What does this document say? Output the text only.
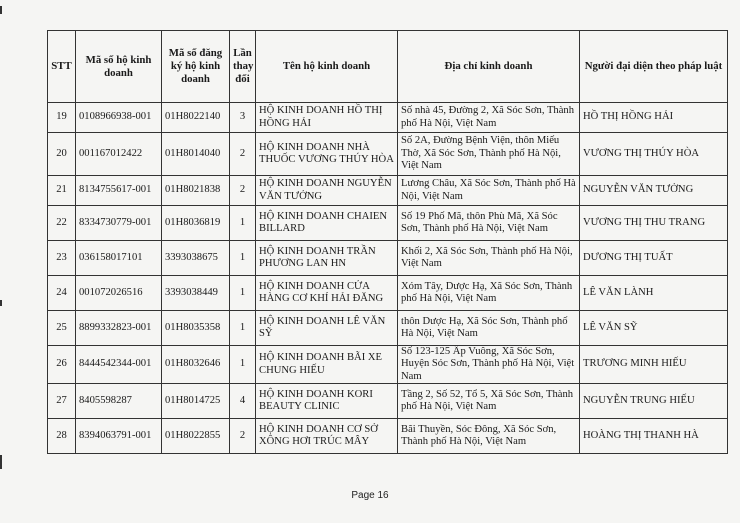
STT	Mã số hộ kinh doanh	Mã số đăng ký hộ kinh doanh	Lần thay đổi	Tên hộ kinh doanh	Địa chỉ kinh doanh	Người đại diện theo pháp luật
19	0108966938-001	01H8022140	3	HỘ KINH DOANH HỒ THỊ HỒNG HẢI	Số nhà 45, Đường 2, Xã Sóc Sơn, Thành phố Hà Nội, Việt Nam	HỒ THỊ HỒNG HẢI
20	001167012422	01H8014040	2	HỘ KINH DOANH NHÀ THUỐC VƯƠNG THÚY HÒA	Số 2A, Đường Bệnh Viện, thôn Miếu Thờ, Xã Sóc Sơn, Thành phố Hà Nội, Việt Nam	VƯƠNG THỊ THÚY HÒA
21	8134755617-001	01H8021838	2	HỘ KINH DOANH NGUYỄN VĂN TƯỞNG	Lương Châu, Xã Sóc Sơn, Thành phố Hà Nội, Việt Nam	NGUYỄN VĂN TƯỞNG
22	8334730779-001	01H8036819	1	HỘ KINH DOANH CHAIEN BILLARD	Số 19 Phố Mã, thôn Phù Mã, Xã Sóc Sơn, Thành phố Hà Nội, Việt Nam	VƯƠNG THỊ THU TRANG
23	036158017101	3393038675	1	HỘ KINH DOANH TRẦN PHƯƠNG LAN HN	Khối 2, Xã Sóc Sơn, Thành phố Hà Nội, Việt Nam	DƯƠNG THỊ TUẤT
24	001072026516	3393038449	1	HỘ KINH DOANH CỬA HÀNG CƠ KHÍ HẢI ĐĂNG	Xóm Tây, Dược Hạ, Xã Sóc Sơn, Thành phố Hà Nội, Việt Nam	LÊ VĂN LÀNH
25	8899332823-001	01H8035358	1	HỘ KINH DOANH LÊ VĂN SỸ	thôn Dược Hạ, Xã Sóc Sơn, Thành phố Hà Nội, Việt Nam	LÊ VĂN SỸ
26	8444542344-001	01H8032646	1	HỘ KINH DOANH BÃI XE CHUNG HIẾU	Số 123-125 Ấp Vuông, Xã Sóc Sơn, Huyện Sóc Sơn, Thành phố Hà Nội, Việt Nam	TRƯƠNG MINH HIẾU
27	8405598287	01H8014725	4	HỘ KINH DOANH KORI BEAUTY CLINIC	Tầng 2, Số 52, Tổ 5, Xã Sóc Sơn, Thành phố Hà Nội, Việt Nam	NGUYỄN TRUNG HIẾU
28	8394063791-001	01H8022855	2	HỘ KINH DOANH CƠ SỞ XÔNG HƠI TRÚC MÂY	Bãi Thuyền, Sóc Đông, Xã Sóc Sơn, Thành phố Hà Nội, Việt Nam	HOÀNG THỊ THANH HÀ
Page 16
